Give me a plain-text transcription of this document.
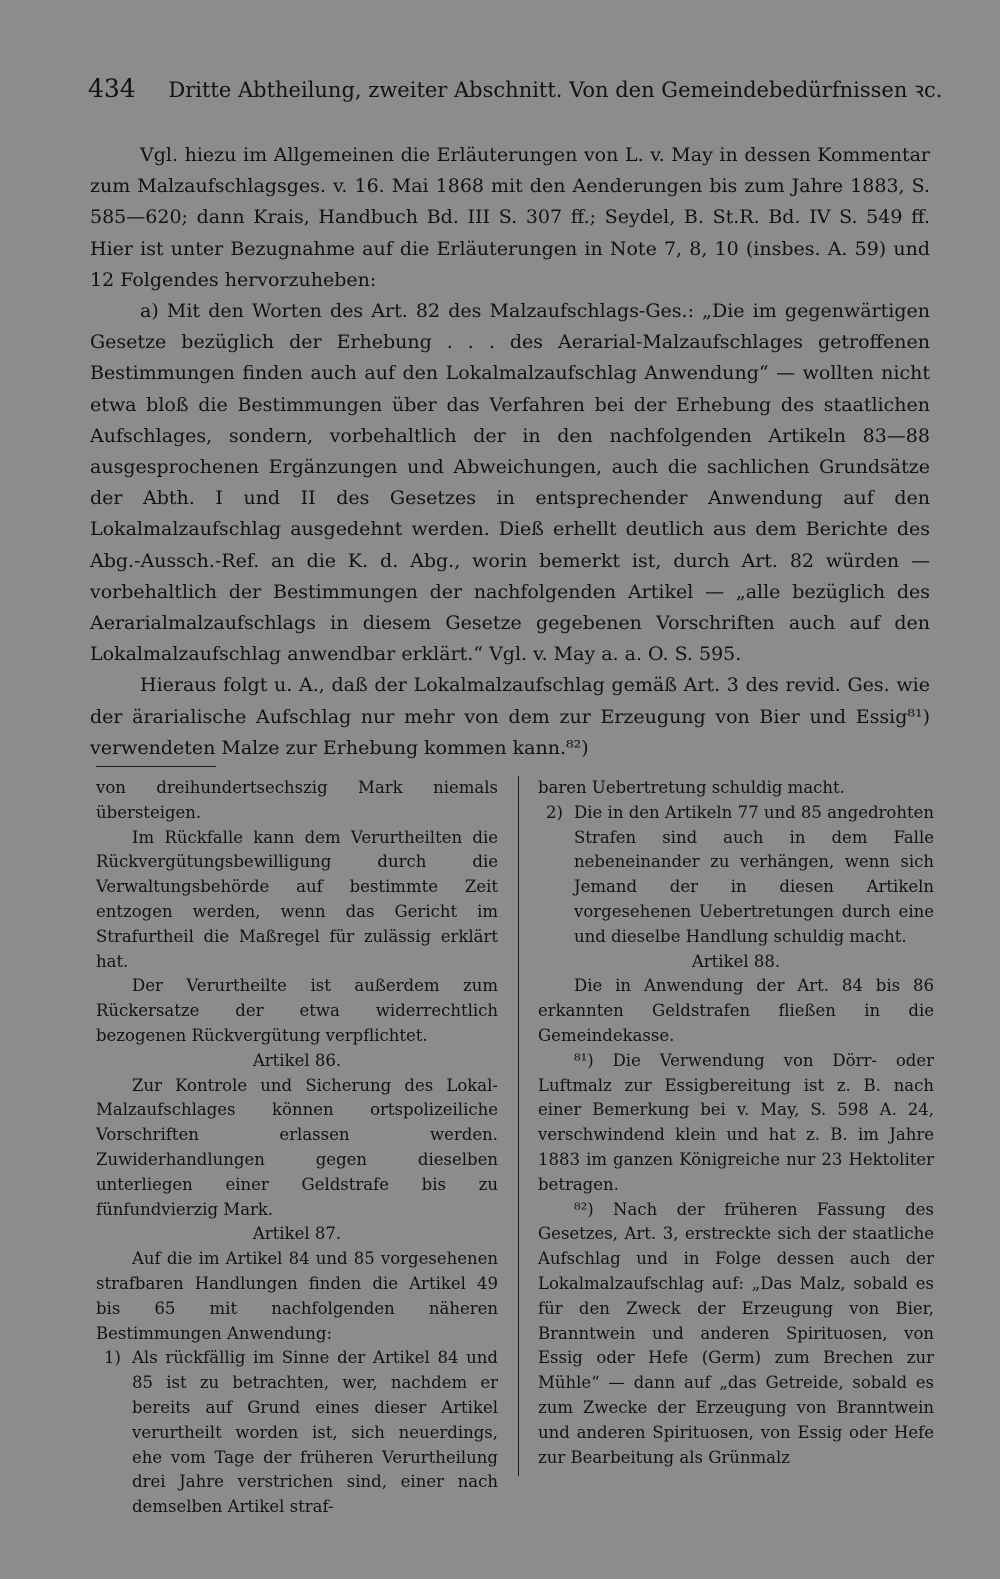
434 Dritte Abtheilung, zweiter Abschnitt. Von den Gemeindebedürfnissen ꝛc.

Vgl. hiezu im Allgemeinen die Erläuterungen von L. v. May in dessen Kommentar zum Malzaufschlagsges. v. 16. Mai 1868 mit den Aenderungen bis zum Jahre 1883, S. 585—620; dann Krais, Handbuch Bd. III S. 307 ff.; Seydel, B. St.R. Bd. IV S. 549 ff. Hier ist unter Bezugnahme auf die Erläuterungen in Note 7, 8, 10 (insbes. A. 59) und 12 Folgendes hervorzuheben:

a) Mit den Worten des Art. 82 des Malzaufschlags-Ges.: „Die im gegenwärtigen Gesetze bezüglich der Erhebung . . . des Aerarial-Malzaufschlages getroffenen Bestimmungen finden auch auf den Lokalmalzaufschlag Anwendung“ — wollten nicht etwa bloß die Bestimmungen über das Verfahren bei der Erhebung des staatlichen Aufschlages, sondern, vorbehaltlich der in den nachfolgenden Artikeln 83—88 ausgesprochenen Ergänzungen und Abweichungen, auch die sachlichen Grundsätze der Abth. I und II des Gesetzes in entsprechender Anwendung auf den Lokalmalzaufschlag ausgedehnt werden. Dieß erhellt deutlich aus dem Berichte des Abg.-Aussch.-Ref. an die K. d. Abg., worin bemerkt ist, durch Art. 82 würden — vorbehaltlich der Bestimmungen der nachfolgenden Artikel — „alle bezüglich des Aerarialmalzaufschlags in diesem Gesetze gegebenen Vorschriften auch auf den Lokalmalzaufschlag anwendbar erklärt.“ Vgl. v. May a. a. O. S. 595.

Hieraus folgt u. A., daß der Lokalmalzaufschlag gemäß Art. 3 des revid. Ges. wie der ärarialische Aufschlag nur mehr von dem zur Erzeugung von Bier und Essig⁸¹) verwendeten Malze zur Erhebung kommen kann.⁸²)

von dreihundertsechszig Mark niemals übersteigen.

Im Rückfalle kann dem Verurtheilten die Rückvergütungsbewilligung durch die Verwaltungsbehörde auf bestimmte Zeit entzogen werden, wenn das Gericht im Strafurtheil die Maßregel für zulässig erklärt hat.

Der Verurtheilte ist außerdem zum Rückersatze der etwa widerrechtlich bezogenen Rückvergütung verpflichtet.

Artikel 86.

Zur Kontrole und Sicherung des Lokal-Malzaufschlages können ortspolizeiliche Vorschriften erlassen werden. Zuwiderhandlungen gegen dieselben unterliegen einer Geldstrafe bis zu fünfundvierzig Mark.

Artikel 87.

Auf die im Artikel 84 und 85 vorgesehenen strafbaren Handlungen finden die Artikel 49 bis 65 mit nachfolgenden näheren Bestimmungen Anwendung:

1) Als rückfällig im Sinne der Artikel 84 und 85 ist zu betrachten, wer, nachdem er bereits auf Grund eines dieser Artikel verurtheilt worden ist, sich neuerdings, ehe vom Tage der früheren Verurtheilung drei Jahre verstrichen sind, einer nach demselben Artikel straf-

baren Uebertretung schuldig macht.

2) Die in den Artikeln 77 und 85 angedrohten Strafen sind auch in dem Falle nebeneinander zu verhängen, wenn sich Jemand der in diesen Artikeln vorgesehenen Uebertretungen durch eine und dieselbe Handlung schuldig macht.

Artikel 88.

Die in Anwendung der Art. 84 bis 86 erkannten Geldstrafen fließen in die Gemeindekasse.

⁸¹) Die Verwendung von Dörr- oder Luftmalz zur Essigbereitung ist z. B. nach einer Bemerkung bei v. May, S. 598 A. 24, verschwindend klein und hat z. B. im Jahre 1883 im ganzen Königreiche nur 23 Hektoliter betragen.

⁸²) Nach der früheren Fassung des Gesetzes, Art. 3, erstreckte sich der staatliche Aufschlag und in Folge dessen auch der Lokalmalzaufschlag auf: „Das Malz, sobald es für den Zweck der Erzeugung von Bier, Branntwein und anderen Spirituosen, von Essig oder Hefe (Germ) zum Brechen zur Mühle“ — dann auf „das Getreide, sobald es zum Zwecke der Erzeugung von Branntwein und anderen Spirituosen, von Essig oder Hefe zur Bearbeitung als Grünmalz
